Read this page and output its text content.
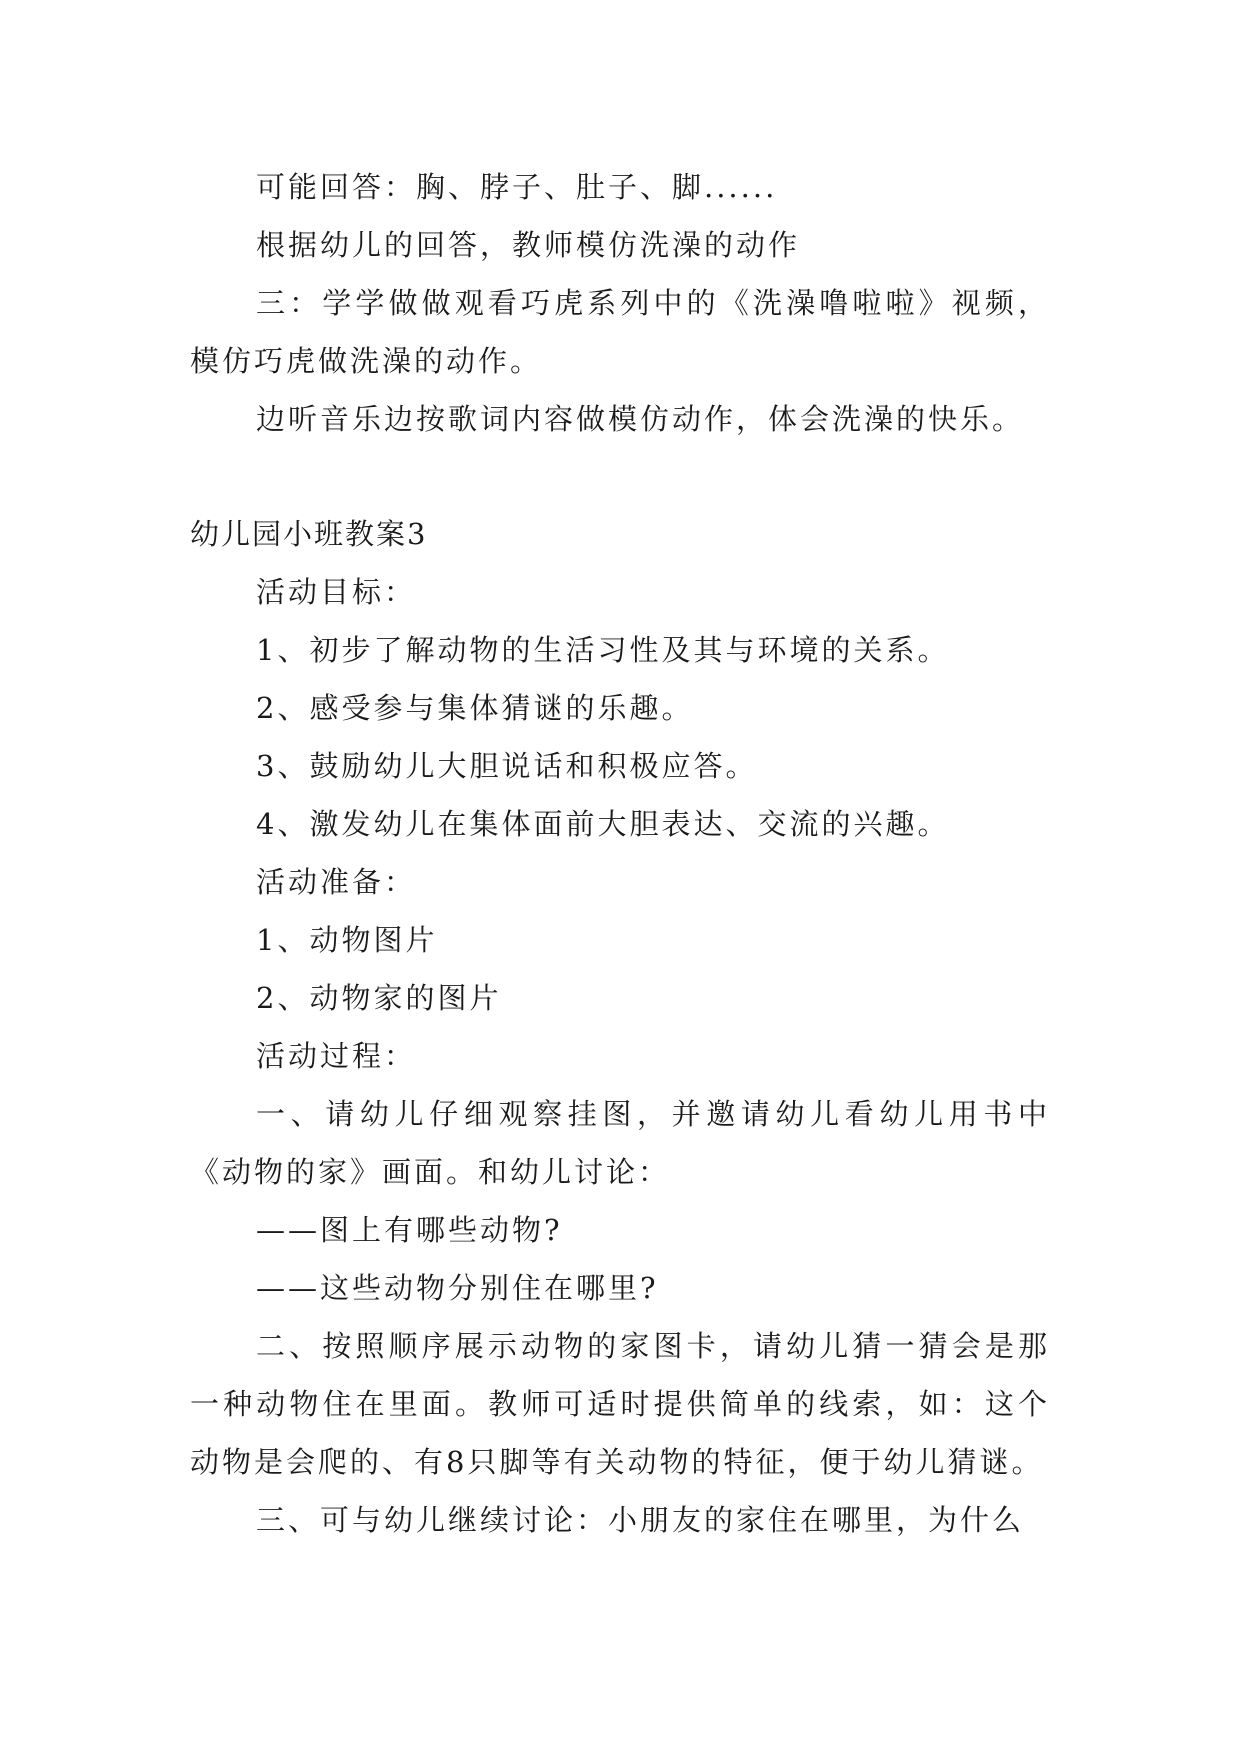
可能回答：胸、脖子、肚子、脚......

根据幼儿的回答，教师模仿洗澡的动作

三：学学做做观看巧虎系列中的《洗澡噜啦啦》视频，模仿巧虎做洗澡的动作。

边听音乐边按歌词内容做模仿动作，体会洗澡的快乐。

幼儿园小班教案3

活动目标：

1、初步了解动物的生活习性及其与环境的关系。

2、感受参与集体猜谜的乐趣。

3、鼓励幼儿大胆说话和积极应答。

4、激发幼儿在集体面前大胆表达、交流的兴趣。

活动准备：

1、动物图片

2、动物家的图片

活动过程：

一、请幼儿仔细观察挂图，并邀请幼儿看幼儿用书中《动物的家》画面。和幼儿讨论：

——图上有哪些动物?

——这些动物分别住在哪里?

二、按照顺序展示动物的家图卡，请幼儿猜一猜会是那一种动物住在里面。教师可适时提供简单的线索，如：这个动物是会爬的、有8只脚等有关动物的特征，便于幼儿猜谜。

三、可与幼儿继续讨论：小朋友的家住在哪里，为什么
